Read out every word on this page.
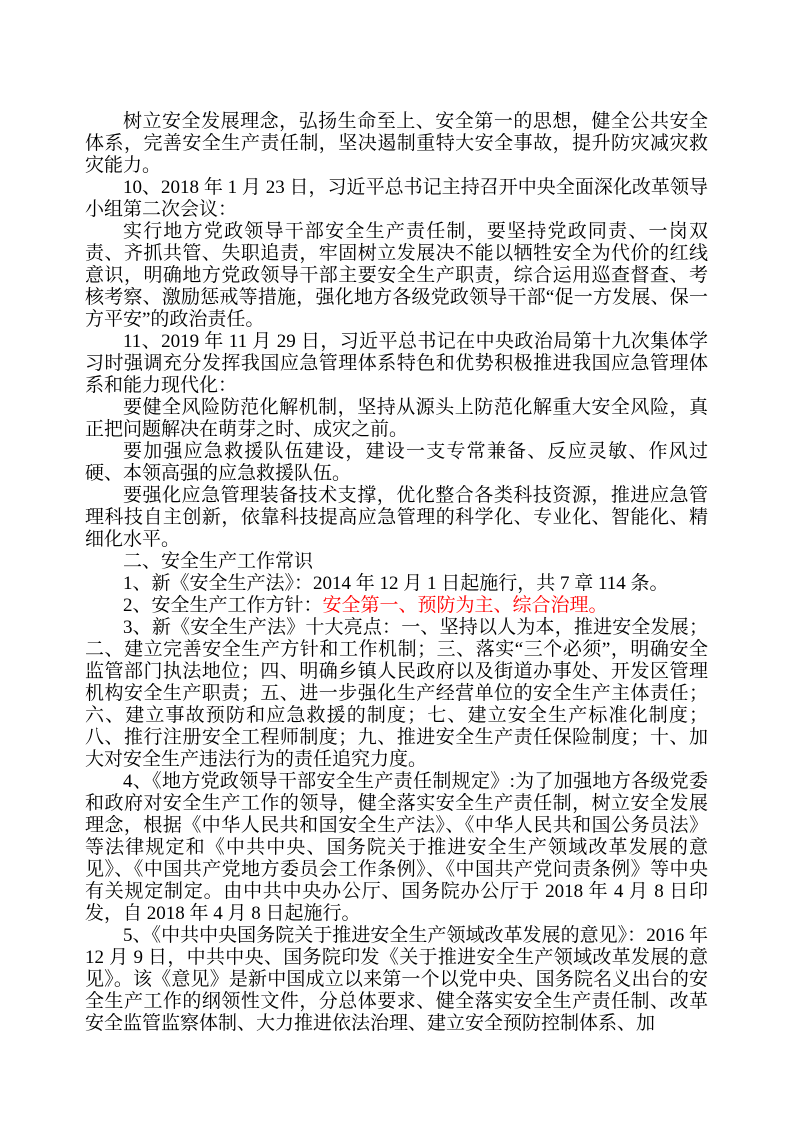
树立安全发展理念，弘扬生命至上、安全第一的思想，健全公共安全体系，完善安全生产责任制，坚决遏制重特大安全事故，提升防灾减灾救灾能力。

10、2018 年 1 月 23 日，习近平总书记主持召开中央全面深化改革领导小组第二次会议：

实行地方党政领导干部安全生产责任制，要坚持党政同责、一岗双责、齐抓共管、失职追责，牢固树立发展决不能以牺牲安全为代价的红线意识，明确地方党政领导干部主要安全生产职责，综合运用巡查督查、考核考察、激励惩戒等措施，强化地方各级党政领导干部“促一方发展、保一方平安”的政治责任。

11、2019 年 11 月 29 日，习近平总书记在中央政治局第十九次集体学习时强调充分发挥我国应急管理体系特色和优势积极推进我国应急管理体系和能力现代化：

要健全风险防范化解机制，坚持从源头上防范化解重大安全风险，真正把问题解决在萌芽之时、成灾之前。

要加强应急救援队伍建设，建设一支专常兼备、反应灵敏、作风过硬、本领高强的应急救援队伍。

要强化应急管理装备技术支撑，优化整合各类科技资源，推进应急管理科技自主创新，依靠科技提高应急管理的科学化、专业化、智能化、精细化水平。

二、安全生产工作常识

1、新《安全生产法》：2014 年 12 月 1 日起施行，共 7 章 114 条。

2、安全生产工作方针：安全第一、预防为主、综合治理。

3、新《安全生产法》十大亮点：一、坚持以人为本，推进安全发展；二、建立完善安全生产方针和工作机制；三、落实“三个必须”，明确安全监管部门执法地位；四、明确乡镇人民政府以及街道办事处、开发区管理机构安全生产职责；五、进一步强化生产经营单位的安全生产主体责任；六、建立事故预防和应急救援的制度；七、建立安全生产标准化制度；八、推行注册安全工程师制度；九、推进安全生产责任保险制度；十、加大对安全生产违法行为的责任追究力度。

4、《地方党政领导干部安全生产责任制规定》:为了加强地方各级党委和政府对安全生产工作的领导，健全落实安全生产责任制，树立安全发展理念，根据《中华人民共和国安全生产法》、《中华人民共和国公务员法》等法律规定和《中共中央、国务院关于推进安全生产领域改革发展的意见》、《中国共产党地方委员会工作条例》、《中国共产党问责条例》等中央有关规定制定。由中共中央办公厅、国务院办公厅于 2018 年 4 月 8 日印发，自 2018 年 4 月 8 日起施行。

5、《中共中央国务院关于推进安全生产领域改革发展的意见》：2016 年 12 月 9 日，中共中央、国务院印发《关于推进安全生产领域改革发展的意见》。该《意见》是新中国成立以来第一个以党中央、国务院名义出台的安全生产工作的纲领性文件，分总体要求、健全落实安全生产责任制、改革安全监管监察体制、大力推进依法治理、建立安全预防控制体系、加
